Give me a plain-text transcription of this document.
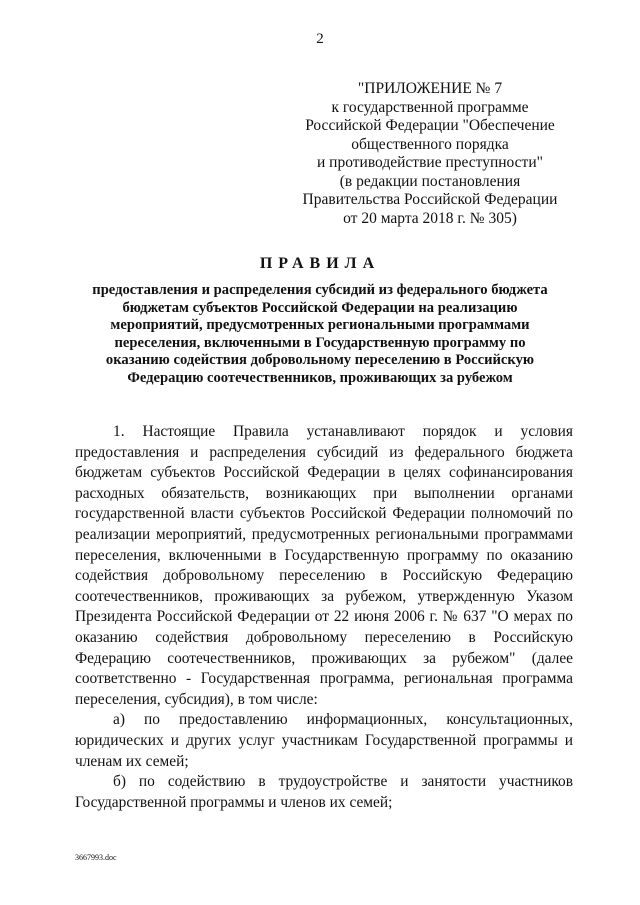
2
"ПРИЛОЖЕНИЕ № 7
к государственной программе
Российской Федерации "Обеспечение
общественного порядка
и противодействие преступности"
(в редакции постановления
Правительства Российской Федерации
от 20 марта 2018 г. № 305)
ПРАВИЛА
предоставления и распределения субсидий из федерального бюджета
бюджетам субъектов Российской Федерации на реализацию
мероприятий, предусмотренных региональными программами
переселения, включенными в Государственную программу по
оказанию содействия добровольному переселению в Российскую
Федерацию соотечественников, проживающих за рубежом
1. Настоящие Правила устанавливают порядок и условия
предоставления и распределения субсидий из федерального бюджета
бюджетам субъектов Российской Федерации в целях софинансирования
расходных обязательств, возникающих при выполнении органами
государственной власти субъектов Российской Федерации полномочий по
реализации мероприятий, предусмотренных региональными программами
переселения, включенными в Государственную программу по оказанию
содействия добровольному переселению в Российскую Федерацию
соотечественников, проживающих за рубежом, утвержденную Указом
Президента Российской Федерации от 22 июня 2006 г. № 637 "О мерах по
оказанию содействия добровольному переселению в Российскую
Федерацию соотечественников, проживающих за рубежом" (далее
соответственно - Государственная программа, региональная программа
переселения, субсидия), в том числе:
а) по предоставлению информационных, консультационных,
юридических и других услуг участникам Государственной программы и
членам их семей;
б) по содействию в трудоустройстве и занятости участников
Государственной программы и членов их семей;
3667993.doc
